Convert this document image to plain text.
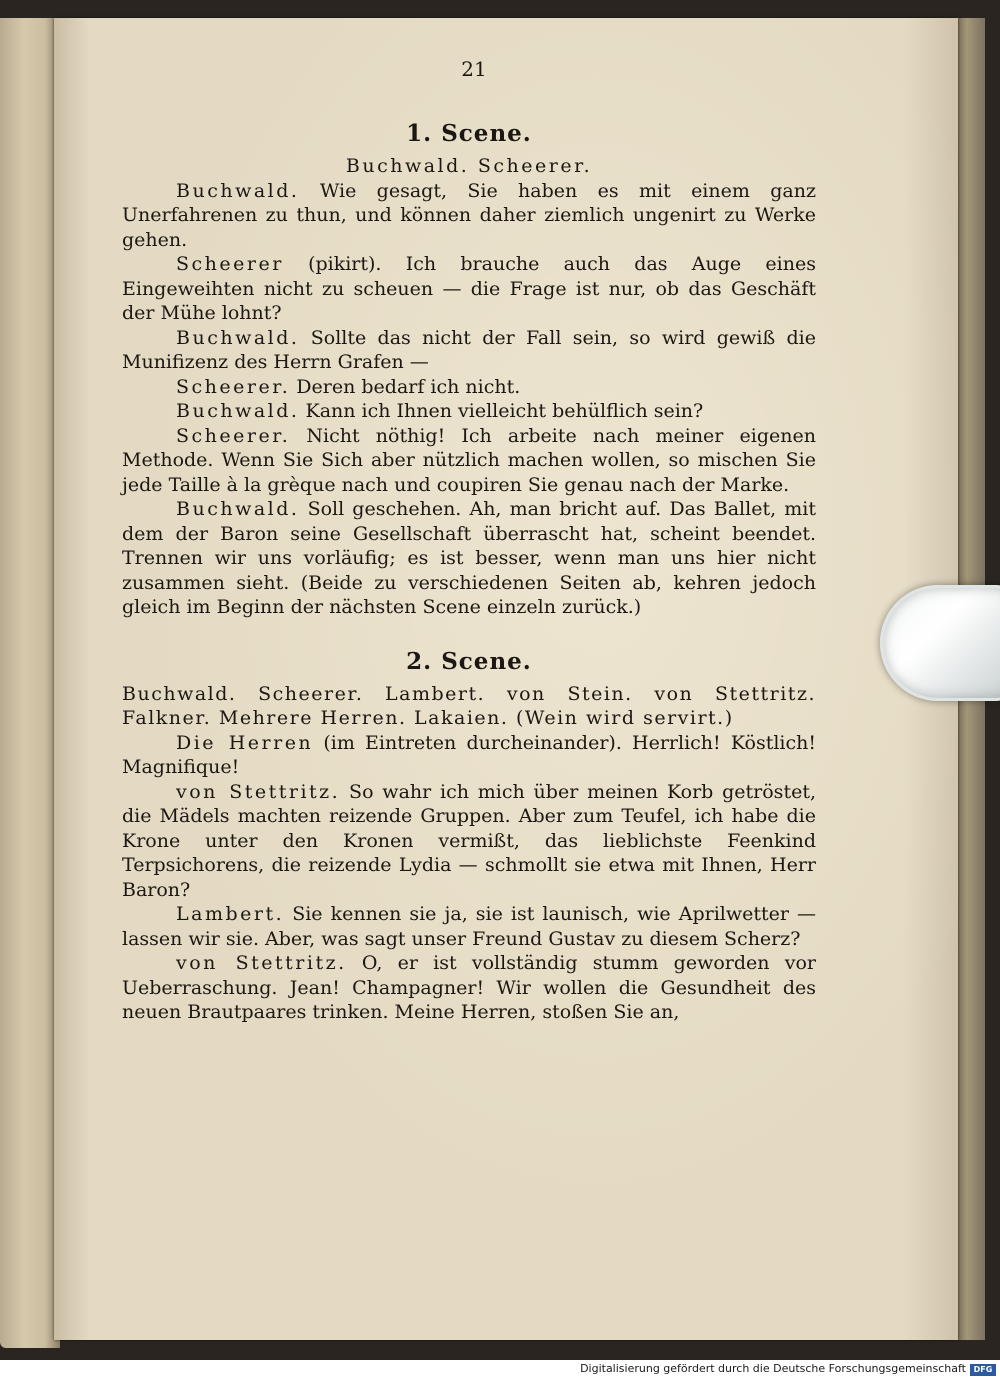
21
1. Scene.

Buchwald. Scheerer.

Buchwald. Wie gesagt, Sie haben es mit einem ganz Unerfahrenen zu thun, und können daher ziemlich ungenirt zu Werke gehen.

Scheerer (pikirt). Ich brauche auch das Auge eines Eingeweihten nicht zu scheuen — die Frage ist nur, ob das Geschäft der Mühe lohnt?

Buchwald. Sollte das nicht der Fall sein, so wird gewiß die Munifizenz des Herrn Grafen —

Scheerer. Deren bedarf ich nicht.

Buchwald. Kann ich Ihnen vielleicht behülflich sein?

Scheerer. Nicht nöthig! Ich arbeite nach meiner eigenen Methode. Wenn Sie Sich aber nützlich machen wollen, so mischen Sie jede Taille à la grèque nach und coupiren Sie genau nach der Marke.

Buchwald. Soll geschehen. Ah, man bricht auf. Das Ballet, mit dem der Baron seine Gesellschaft überrascht hat, scheint beendet. Trennen wir uns vorläufig; es ist besser, wenn man uns hier nicht zusammen sieht. (Beide zu verschiedenen Seiten ab, kehren jedoch gleich im Beginn der nächsten Scene einzeln zurück.)

2. Scene.

Buchwald. Scheerer. Lambert. von Stein. von Stettritz. Falkner. Mehrere Herren. Lakaien. (Wein wird servirt.)

Die Herren (im Eintreten durcheinander). Herrlich! Köstlich! Magnifique!

von Stettritz. So wahr ich mich über meinen Korb getröstet, die Mädels machten reizende Gruppen. Aber zum Teufel, ich habe die Krone unter den Kronen vermißt, das lieblichste Feenkind Terpsichorens, die reizende Lydia — schmollt sie etwa mit Ihnen, Herr Baron?

Lambert. Sie kennen sie ja, sie ist launisch, wie Aprilwetter — lassen wir sie. Aber, was sagt unser Freund Gustav zu diesem Scherz?

von Stettritz. O, er ist vollständig stumm geworden vor Ueberraschung. Jean! Champagner! Wir wollen die Gesundheit des neuen Brautpaares trinken. Meine Herren, stoßen Sie an,

Digitalisierung gefördert durch die Deutsche Forschungsgemeinschaft DFG
